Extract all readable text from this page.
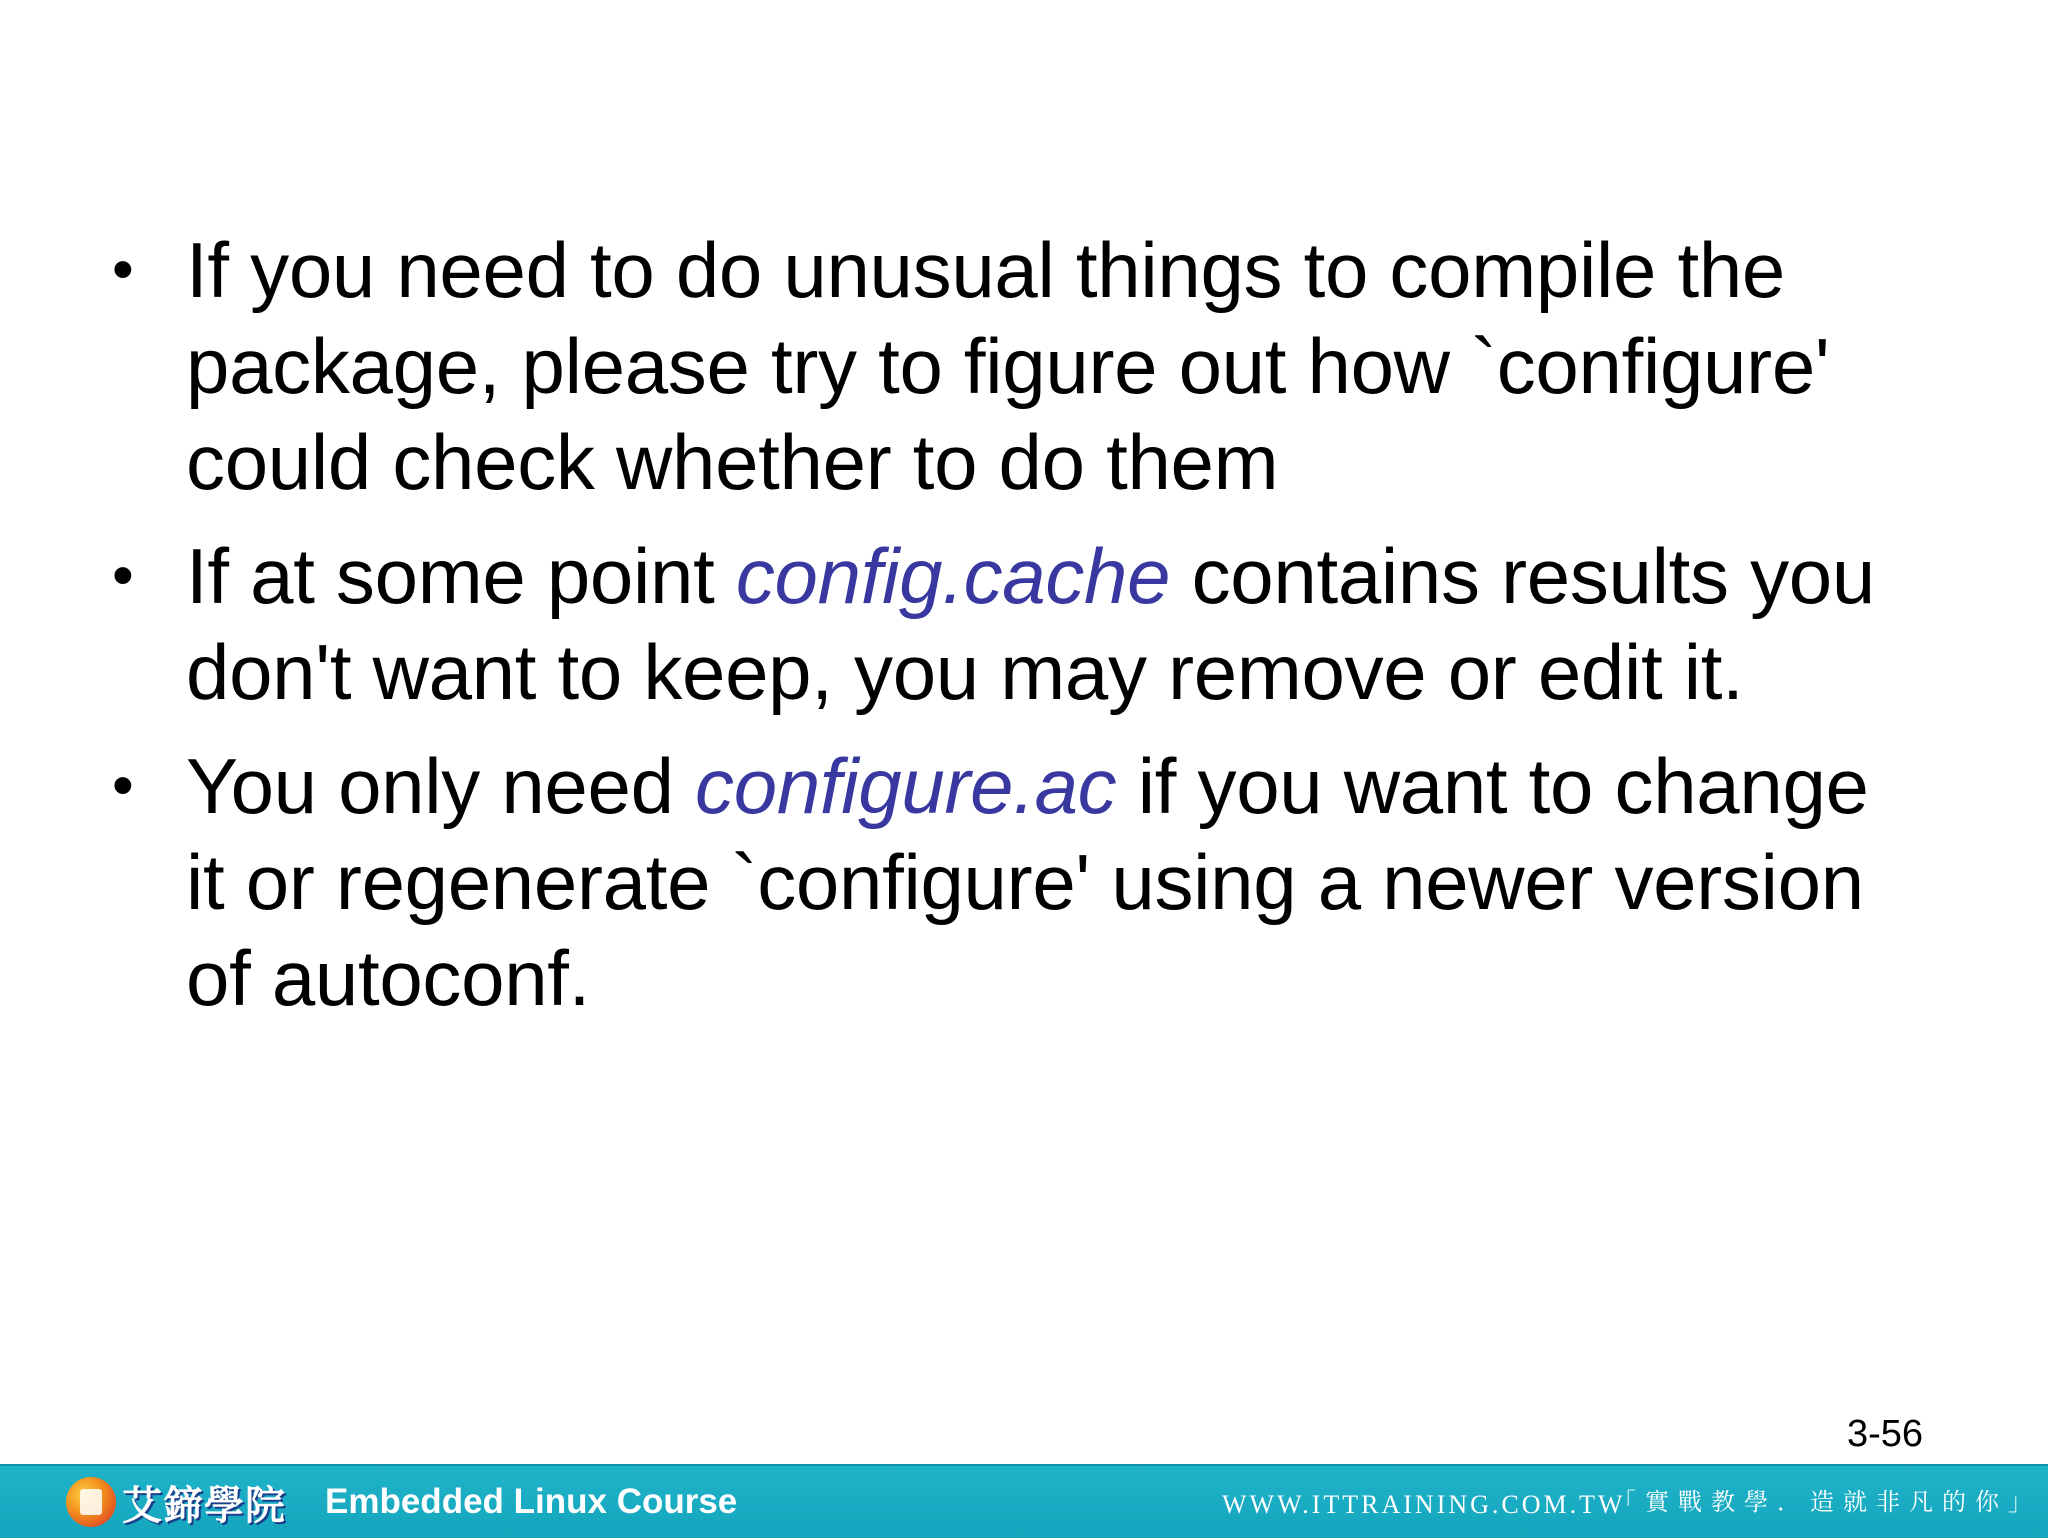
• If you need to do unusual things to compile the package, please try to figure out how `configure' could check whether to do them
• If at some point config.cache contains results you don't want to keep, you may remove or edit it.
• You only need configure.ac if you want to change it or regenerate `configure' using a newer version of autoconf.
3-56
艾鍗學院 Embedded Linux Course	WWW.ITTRAINING.COM.TW
「實戰教學．造就非凡的你」
